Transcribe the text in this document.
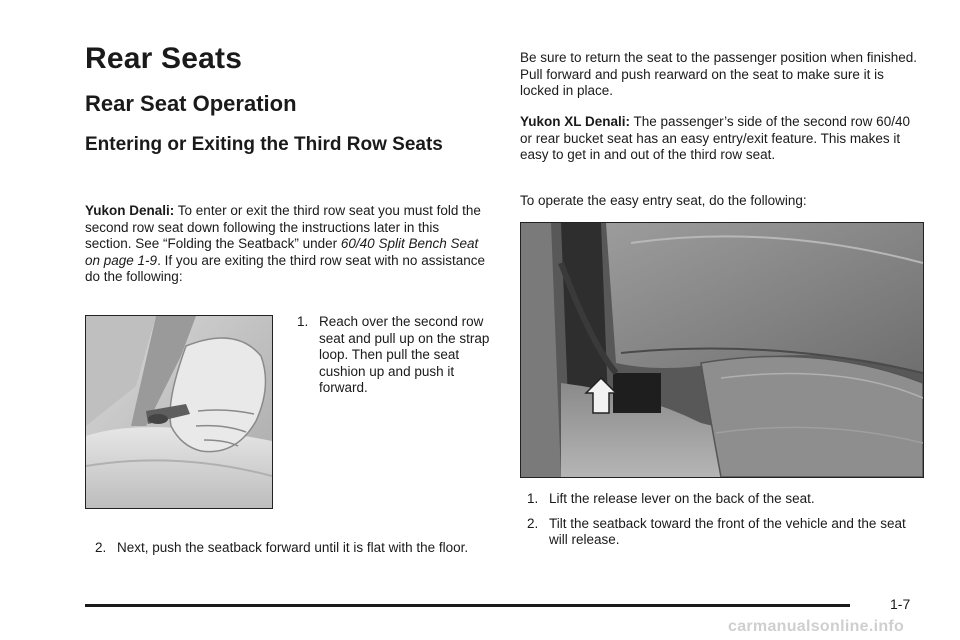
Rear Seats
Rear Seat Operation
Entering or Exiting the Third Row Seats

Yukon Denali: To enter or exit the third row seat you must fold the second row seat down following the instructions later in this section. See “Folding the Seatback” under 60/40 Split Bench Seat on page 1-9. If you are exiting the third row seat with no assistance do the following:

1. Reach over the second row seat and pull up on the strap loop. Then pull the seat cushion up and push it forward.
2. Next, push the seatback forward until it is flat with the floor.

Be sure to return the seat to the passenger position when finished. Pull forward and push rearward on the seat to make sure it is locked in place.

Yukon XL Denali: The passenger’s side of the second row 60/40 or rear bucket seat has an easy entry/exit feature. This makes it easy to get in and out of the third row seat.

To operate the easy entry seat, do the following:

1. Lift the release lever on the back of the seat.
2. Tilt the seatback toward the front of the vehicle and the seat will release.
1-7
carmanualsonline.info
